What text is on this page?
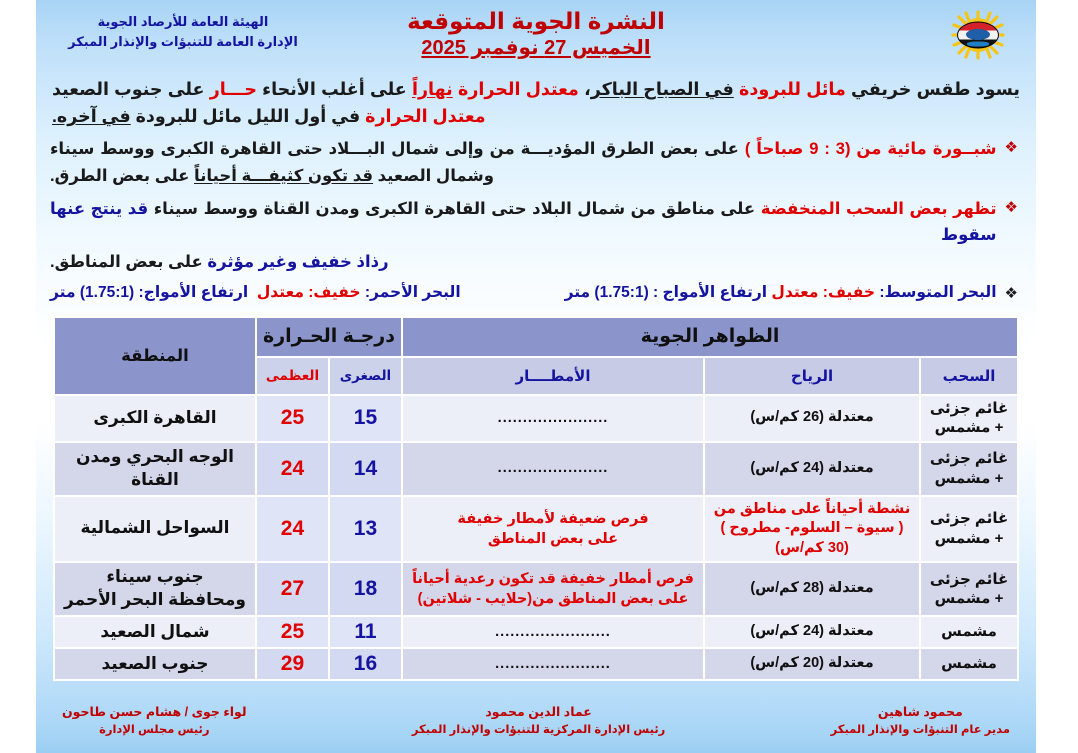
النشرة الجوية المتوقعة
الخميس 27 نوفمبر 2025
الهيئة العامة للأرصاد الجوية
الإدارة العامة للتنبؤات والإنذار المبكر
يسود طقس خريفي مائل للبرودة في الصباح الباكر، معتدل الحرارة نهاراً على أغلب الأنحاء حـــار على جنوب الصعيد
معتدل الحرارة في أول الليل مائل للبرودة في آخره.
❖
شبــورة مائية من (3 : 9 صباحاً ) على بعض الطرق المؤديـــة من وإلى شمال البـــلاد حتى القاهرة الكبرى ووسط سيناء
وشمال الصعيد قد تكون كثيفـــة أحياناً على بعض الطرق.
❖
تظهر بعض السحب المنخفضة على مناطق من شمال البلاد حتى القاهرة الكبرى ومدن القناة ووسط سيناء قد ينتج عنها سقوط
رذاذ خفيف وغير مؤثرة على بعض المناطق.
❖
البحر المتوسط: خفيف: معتدل ارتفاع الأمواج : (1.75:1) متر
البحر الأحمر: خفيف: معتدل  ارتفاع الأمواج: (1.75:1) متر
الظواهر الجوية			درجـة الحـرارة		المنطقة
السحب	الرياح	الأمطــــار	الصغرى	العظمى	
غائم جزئى
+ مشمس	معتدلة (26 كم/س)	......................	15	25	القاهرة الكبرى
غائم جزئى
+ مشمس	معتدلة (24 كم/س)	......................	14	24	الوجه البحري ومدن القناة
غائم جزئى
+ مشمس	نشطة أحياناً على مناطق من
( سيوة – السلوم- مطروح )
(30 كم/س)	فرص ضعيفة لأمطار خفيفة
على بعض المناطق	13	24	السواحل الشمالية
غائم جزئى
+ مشمس	معتدلة (28 كم/س)	فرص أمطار خفيفة قد تكون رعدية أحياناً
على بعض المناطق من(حلايب - شلاتين)	18	27	جنوب سيناء
ومحافظة البحر الأحمر
مشمس	معتدلة (24 كم/س)	.......................	11	25	شمال الصعيد
مشمس	معتدلة (20 كم/س)	.......................	16	29	جنوب الصعيد
محمود شاهين
مدير عام التنبؤات والإنذار المبكر
عماد الدين محمود
رئيس الإدارة المركزية للتنبؤات والإنذار المبكر
لواء جوى / هشام حسن طاحون
رئيس مجلس الإدارة
